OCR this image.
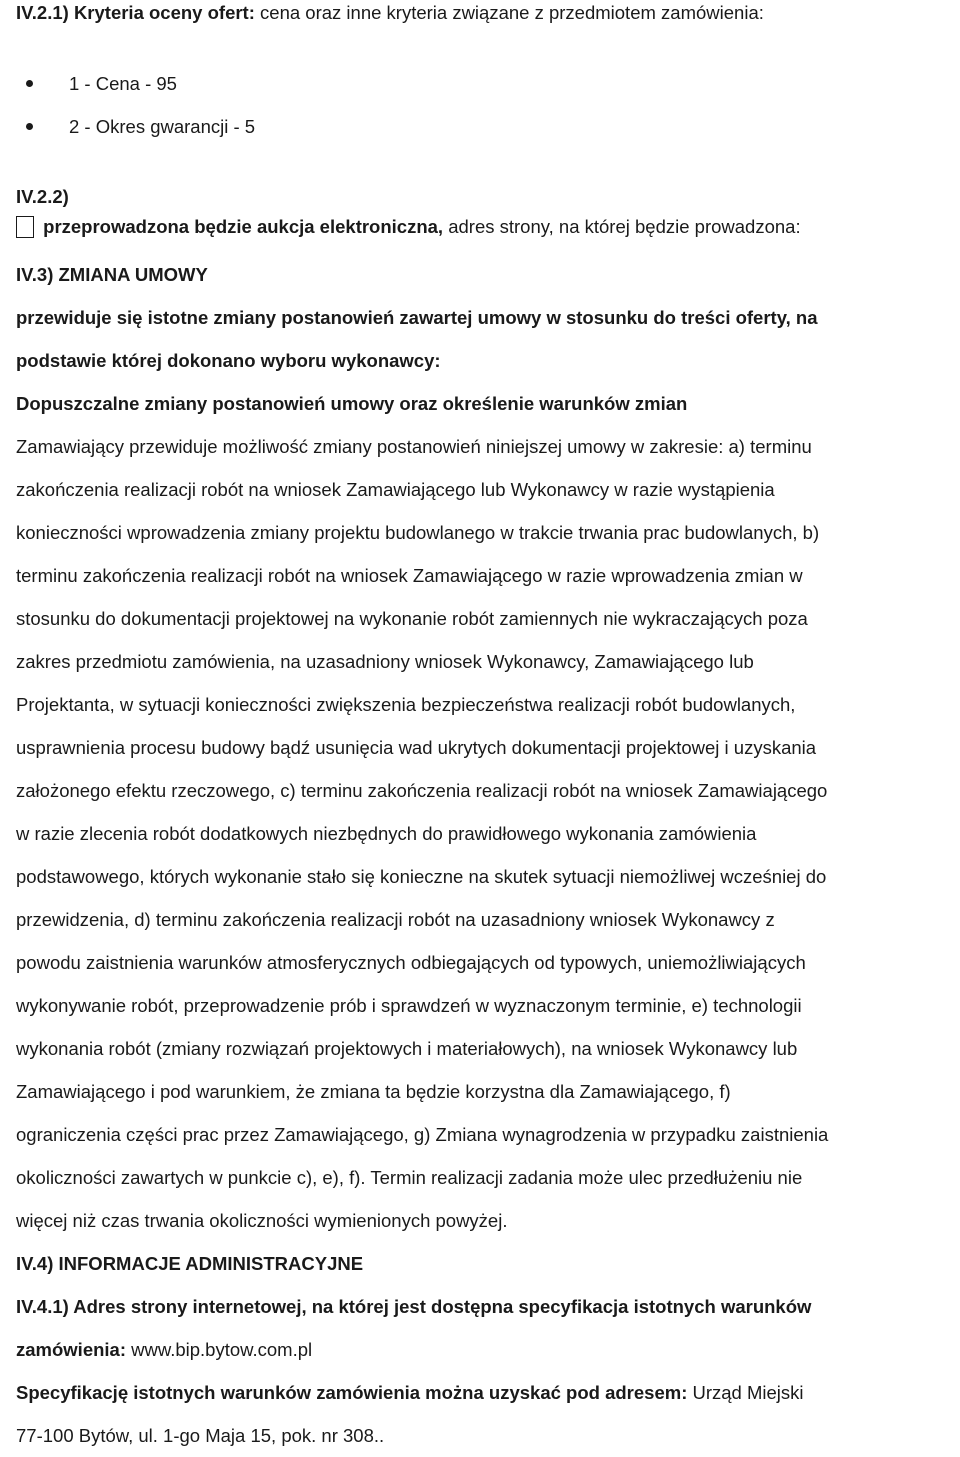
IV.2.1) Kryteria oceny ofert: cena oraz inne kryteria związane z przedmiotem zamówienia:
1 - Cena - 95
2 - Okres gwarancji - 5
IV.2.2)
przeprowadzona będzie aukcja elektroniczna, adres strony, na której będzie prowadzona:
IV.3) ZMIANA UMOWY
przewiduje się istotne zmiany postanowień zawartej umowy w stosunku do treści oferty, na
podstawie której dokonano wyboru wykonawcy:
Dopuszczalne zmiany postanowień umowy oraz określenie warunków zmian
Zamawiający przewiduje możliwość zmiany postanowień niniejszej umowy w zakresie: a) terminu
zakończenia realizacji robót na wniosek Zamawiającego lub Wykonawcy w razie wystąpienia
konieczności wprowadzenia zmiany projektu budowlanego w trakcie trwania prac budowlanych, b)
terminu zakończenia realizacji robót na wniosek Zamawiającego w razie wprowadzenia zmian w
stosunku do dokumentacji projektowej na wykonanie robót zamiennych nie wykraczających poza
zakres przedmiotu zamówienia, na uzasadniony wniosek Wykonawcy, Zamawiającego lub
Projektanta, w sytuacji konieczności zwiększenia bezpieczeństwa realizacji robót budowlanych,
usprawnienia procesu budowy bądź usunięcia wad ukrytych dokumentacji projektowej i uzyskania
założonego efektu rzeczowego, c) terminu zakończenia realizacji robót na wniosek Zamawiającego
w razie zlecenia robót dodatkowych niezbędnych do prawidłowego wykonania zamówienia
podstawowego, których wykonanie stało się konieczne na skutek sytuacji niemożliwej wcześniej do
przewidzenia, d) terminu zakończenia realizacji robót na uzasadniony wniosek Wykonawcy z
powodu zaistnienia warunków atmosferycznych odbiegających od typowych, uniemożliwiających
wykonywanie robót, przeprowadzenie prób i sprawdzeń w wyznaczonym terminie, e) technologii
wykonania robót (zmiany rozwiązań projektowych i materiałowych), na wniosek Wykonawcy lub
Zamawiającego i pod warunkiem, że zmiana ta będzie korzystna dla Zamawiającego, f)
ograniczenia części prac przez Zamawiającego, g) Zmiana wynagrodzenia w przypadku zaistnienia
okoliczności zawartych w punkcie c), e), f). Termin realizacji zadania może ulec przedłużeniu nie
więcej niż czas trwania okoliczności wymienionych powyżej.
IV.4) INFORMACJE ADMINISTRACYJNE
IV.4.1) Adres strony internetowej, na której jest dostępna specyfikacja istotnych warunków
zamówienia: www.bip.bytow.com.pl
Specyfikację istotnych warunków zamówienia można uzyskać pod adresem: Urząd Miejski
77-100 Bytów, ul. 1-go Maja 15, pok. nr 308..
